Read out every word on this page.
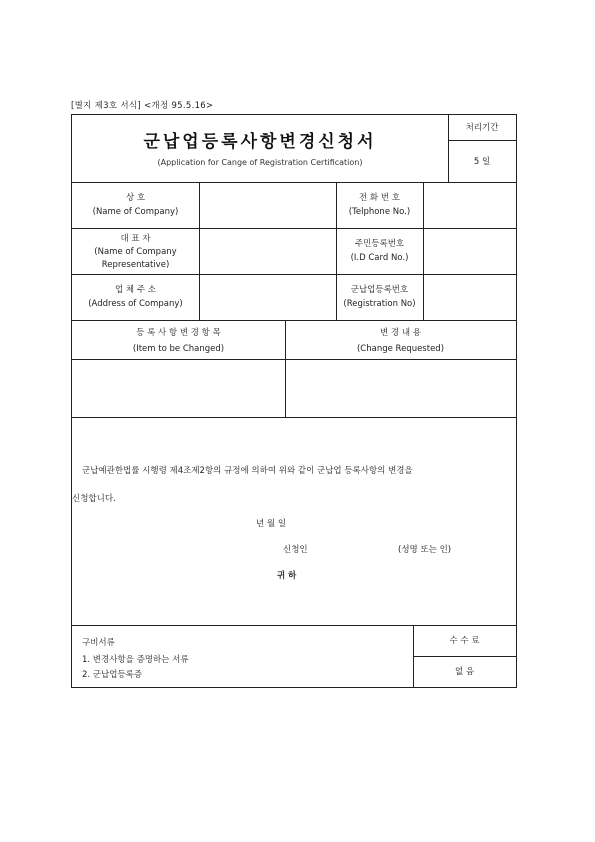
[별지 제3호 서식] <개정 95.5.16>
군납업등록사항변경신청서
(Application for Cange of Registration Certification)
처리기간
5 일
상 호
(Name of Company)
전 화 번 호
(Telphone No.)
대 표 자
(Name of Company
Representative)
주민등록번호
(I.D Card No.)
업 체 주 소
(Address of Company)
군납업등록번호
(Registration No)
등 록 사 항 변 경 항 목
(Item to be Changed)
변 경 내 용
(Change Requested)
군납예관한법률 시행령 제4조제2항의 규정에 의하여 위와 같이 군납업 등록사항의 변경을
신청합니다.
년 월 일
신청인	(성명 또는 인)
귀 하
구비서류
1. 변경사항을 증명하는 서류
2. 군납업등록증
수 수 료
없 음
